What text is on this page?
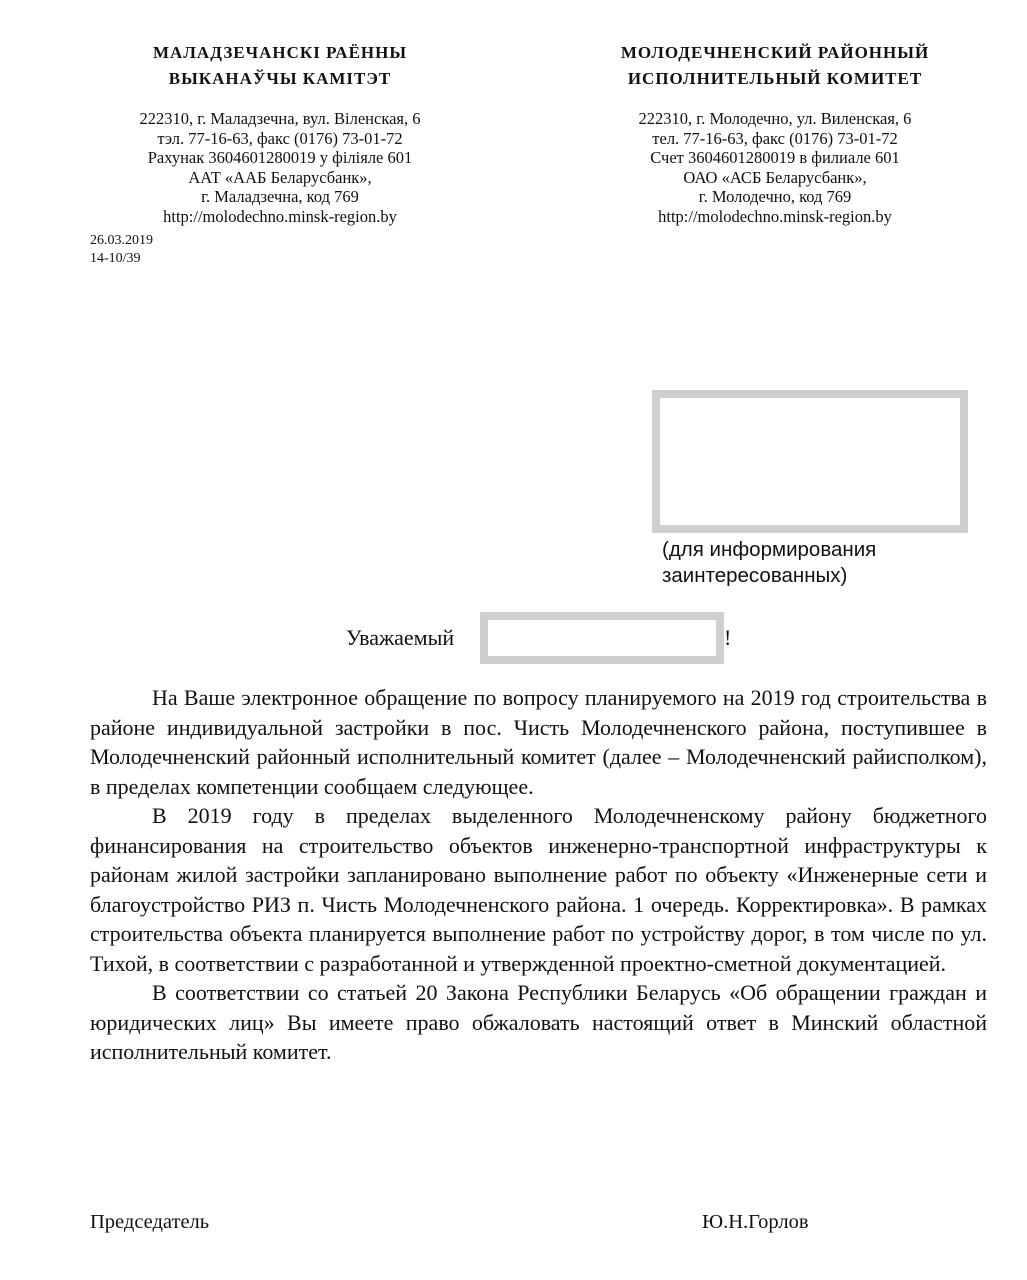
МАЛАДЗЕЧАНСКІ РАЁННЫ
ВЫКАНАЎЧЫ КАМІТЭТ
222310, г. Маладзечна, вул. Віленская, 6
тэл. 77-16-63, факс (0176) 73-01-72
Рахунак 3604601280019 у філіяле 601
ААТ «ААБ Беларусбанк»,
г. Маладзечна, код 769
http://molodechno.minsk-region.by
26.03.2019
14-10/39
МОЛОДЕЧНЕНСКИЙ РАЙОННЫЙ
ИСПОЛНИТЕЛЬНЫЙ КОМИТЕТ
222310, г. Молодечно, ул. Виленская, 6
тел. 77-16-63, факс (0176) 73-01-72
Счет 3604601280019 в филиале 601
ОАО «АСБ Беларусбанк»,
г. Молодечно, код 769
http://molodechno.minsk-region.by
(для информирования
заинтересованных)
Уважаемый	!

На Ваше электронное обращение по вопросу планируемого на 2019 год строительства в районе индивидуальной застройки в пос. Чисть Молодечненского района, поступившее в Молодечненский районный исполнительный комитет (далее – Молодечненский райисполком), в пределах компетенции сообщаем следующее.

В 2019 году в пределах выделенного Молодечненскому району бюджетного финансирования на строительство объектов инженерно-транспортной инфраструктуры к районам жилой застройки запланировано выполнение работ по объекту «Инженерные сети и благоустройство РИЗ п. Чисть Молодечненского района. 1 очередь. Корректировка». В рамках строительства объекта планируется выполнение работ по устройству дорог, в том числе по ул. Тихой, в соответствии с разработанной и утвержденной проектно-сметной документацией.

В соответствии со статьей 20 Закона Республики Беларусь «Об обращении граждан и юридических лиц» Вы имеете право обжаловать настоящий ответ в Минский областной исполнительный комитет.

Председатель	Ю.Н.Горлов
